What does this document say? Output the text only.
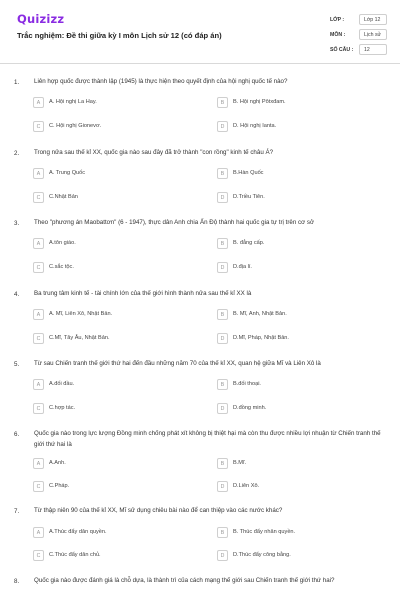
Quizizz
Trắc nghiệm: Đề thi giữa kỳ I môn Lịch sử 12 (có đáp án)
LỚP :	Lớp 12
MÔN :	Lịch sử
SỐ CÂU : 12
1. Liên hợp quốc được thành lập (1945) là thực hiện theo quyết định của hội nghị quốc tế nào?
A	A. Hội nghị La Hay.	B	B. Hội nghị Pôtxđam.
C	C. Hội nghị Gionevơ.	D	D. Hội nghị Ianta.
2. Trong nửa sau thế kỉ XX, quốc gia nào sau đây đã trở thành "con rồng" kinh tế châu Á?
A	A. Trung Quốc	B	B.Hàn Quốc
C	C.Nhật Bản	D	D.Triều Tiên.
3. Theo "phương án Maobattơn" (6 - 1947), thực dân Anh chia Ấn Độ thành hai quốc gia tự trị trên cơ sở
A	A.tôn giáo.	B	B. đẳng cấp.
C	C.sắc tộc.	D	D.địa lí.
4. Ba trung tâm kinh tế - tài chính lớn của thế giới hình thành nửa sau thế kỉ XX là
A	A. Mĩ, Liên Xô, Nhật Bản.	B	B. Mĩ, Anh, Nhật Bản.
C	C.Mĩ, Tây Âu, Nhật Bản.	D	D.Mĩ, Pháp, Nhật Bản.
5. Từ sau Chiến tranh thế giới thứ hai đến đầu những năm 70 của thế kỉ XX, quan hệ giữa Mĩ và Liên Xô là
A	A.đối đầu.	B	B.đối thoại.
C	C.hợp tác.	D	D.đồng minh.
6. Quốc gia nào trong lực lượng Đồng minh chống phát xít không bị thiệt hại mà còn thu được nhiều lợi nhuận từ Chiến tranh thế giới thứ hai là
A	A.Anh.	B	B.Mĩ.
C	C.Pháp.	D	D.Liên Xô.
7. Từ thập niên 90 của thế kỉ XX, Mĩ sử dụng chiêu bài nào để can thiệp vào các nước khác?
A	A.Thúc đẩy dân quyền.	B	B. Thúc đẩy nhân quyền.
C	C.Thúc đẩy dân chủ.	D	D.Thúc đẩy công bằng.
8. Quốc gia nào được đánh giá là chỗ dựa, là thành trì của cách mạng thế giới sau Chiến tranh thế giới thứ hai?
